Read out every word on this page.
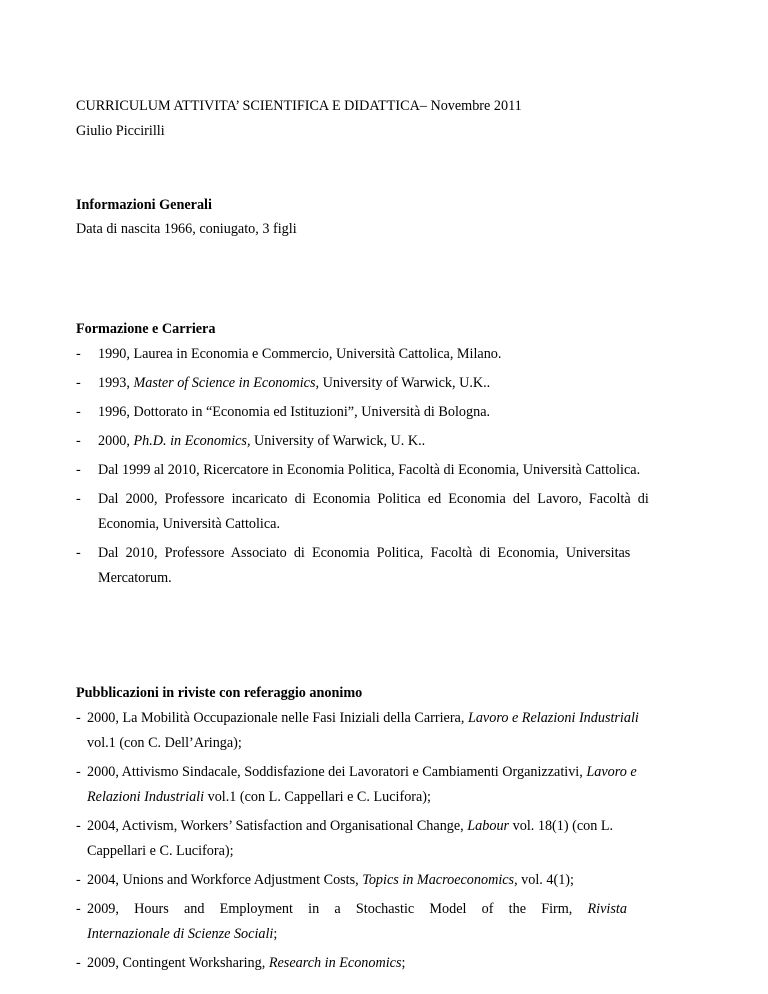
CURRICULUM ATTIVITA’ SCIENTIFICA E DIDATTICA– Novembre 2011
Giulio Piccirilli
Informazioni Generali
Data di nascita 1966, coniugato, 3 figli
Formazione e Carriera
- 1990, Laurea in Economia e Commercio, Università Cattolica, Milano.
- 1993, Master of Science in Economics, University of Warwick, U.K..
- 1996, Dottorato in “Economia ed Istituzioni”, Università di Bologna.
- 2000, Ph.D. in Economics, University of Warwick, U. K..
- Dal 1999 al 2010, Ricercatore in Economia Politica, Facoltà di Economia, Università Cattolica.
- Dal  2000,  Professore  incaricato  di  Economia  Politica  ed  Economia  del  Lavoro,  Facoltà  di
Economia, Università Cattolica.
- Dal  2010,  Professore  Associato  di  Economia  Politica,  Facoltà  di  Economia,  Universitas
Mercatorum.
Pubblicazioni in riviste con referaggio anonimo
- 2000, La Mobilità Occupazionale nelle Fasi Iniziali della Carriera, Lavoro e Relazioni Industriali
vol.1 (con C. Dell’Aringa);
- 2000, Attivismo Sindacale, Soddisfazione dei Lavoratori e Cambiamenti Organizzativi, Lavoro e
Relazioni Industriali vol.1 (con L. Cappellari e C. Lucifora);
- 2004, Activism, Workers’ Satisfaction and Organisational Change, Labour vol. 18(1) (con L.
Cappellari e C. Lucifora);
- 2004, Unions and Workforce Adjustment Costs, Topics in Macroeconomics, vol. 4(1);
- 2009, Hours and Employment in a Stochastic Model of the Firm, Rivista
Internazionale di Scienze Sociali;
- 2009, Contingent Worksharing, Research in Economics;
